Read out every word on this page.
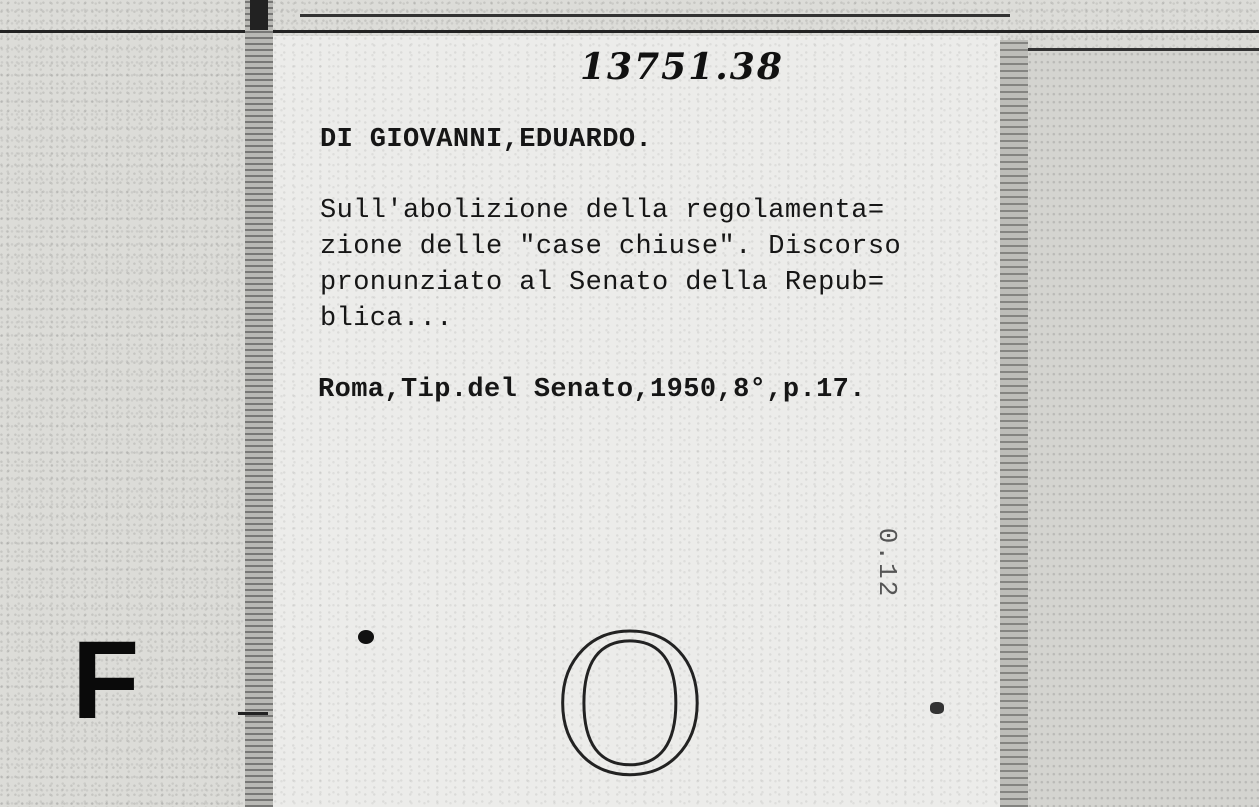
13751.38
DI GIOVANNI,EDUARDO.
Sull'abolizione della regolamenta=
zione delle "case chiuse". Discorso
pronunziato al Senato della Repub=
blica...
Roma,Tip.del Senato,1950,8°,p.17.
0.12
F O
